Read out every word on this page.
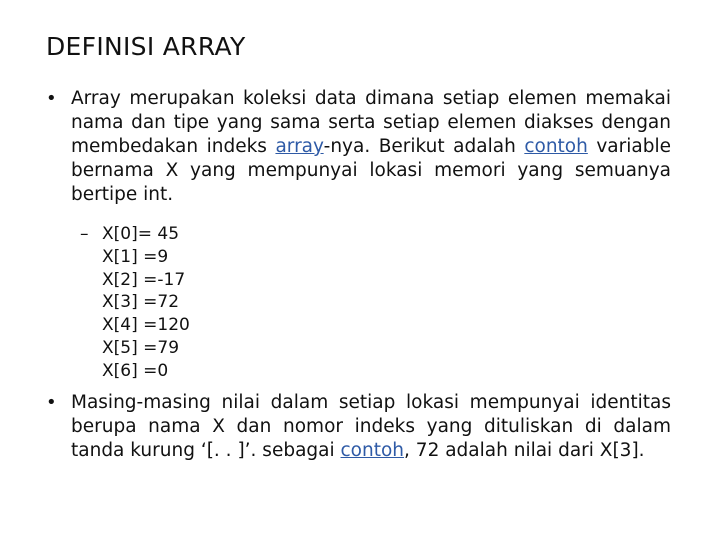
DEFINISI ARRAY
• Array merupakan koleksi data dimana setiap elemen memakai nama dan tipe yang sama serta setiap elemen diakses dengan membedakan indeks array-nya. Berikut adalah contoh variable bernama X yang mempunyai lokasi memori yang semuanya bertipe int.
– X[0]= 45
X[1] =9
X[2] =-17
X[3] =72
X[4] =120
X[5] =79
X[6] =0
• Masing-masing nilai dalam setiap lokasi mempunyai identitas berupa nama X dan nomor indeks yang dituliskan di dalam tanda kurung ‘[. . ]’. sebagai contoh, 72 adalah nilai dari X[3].
